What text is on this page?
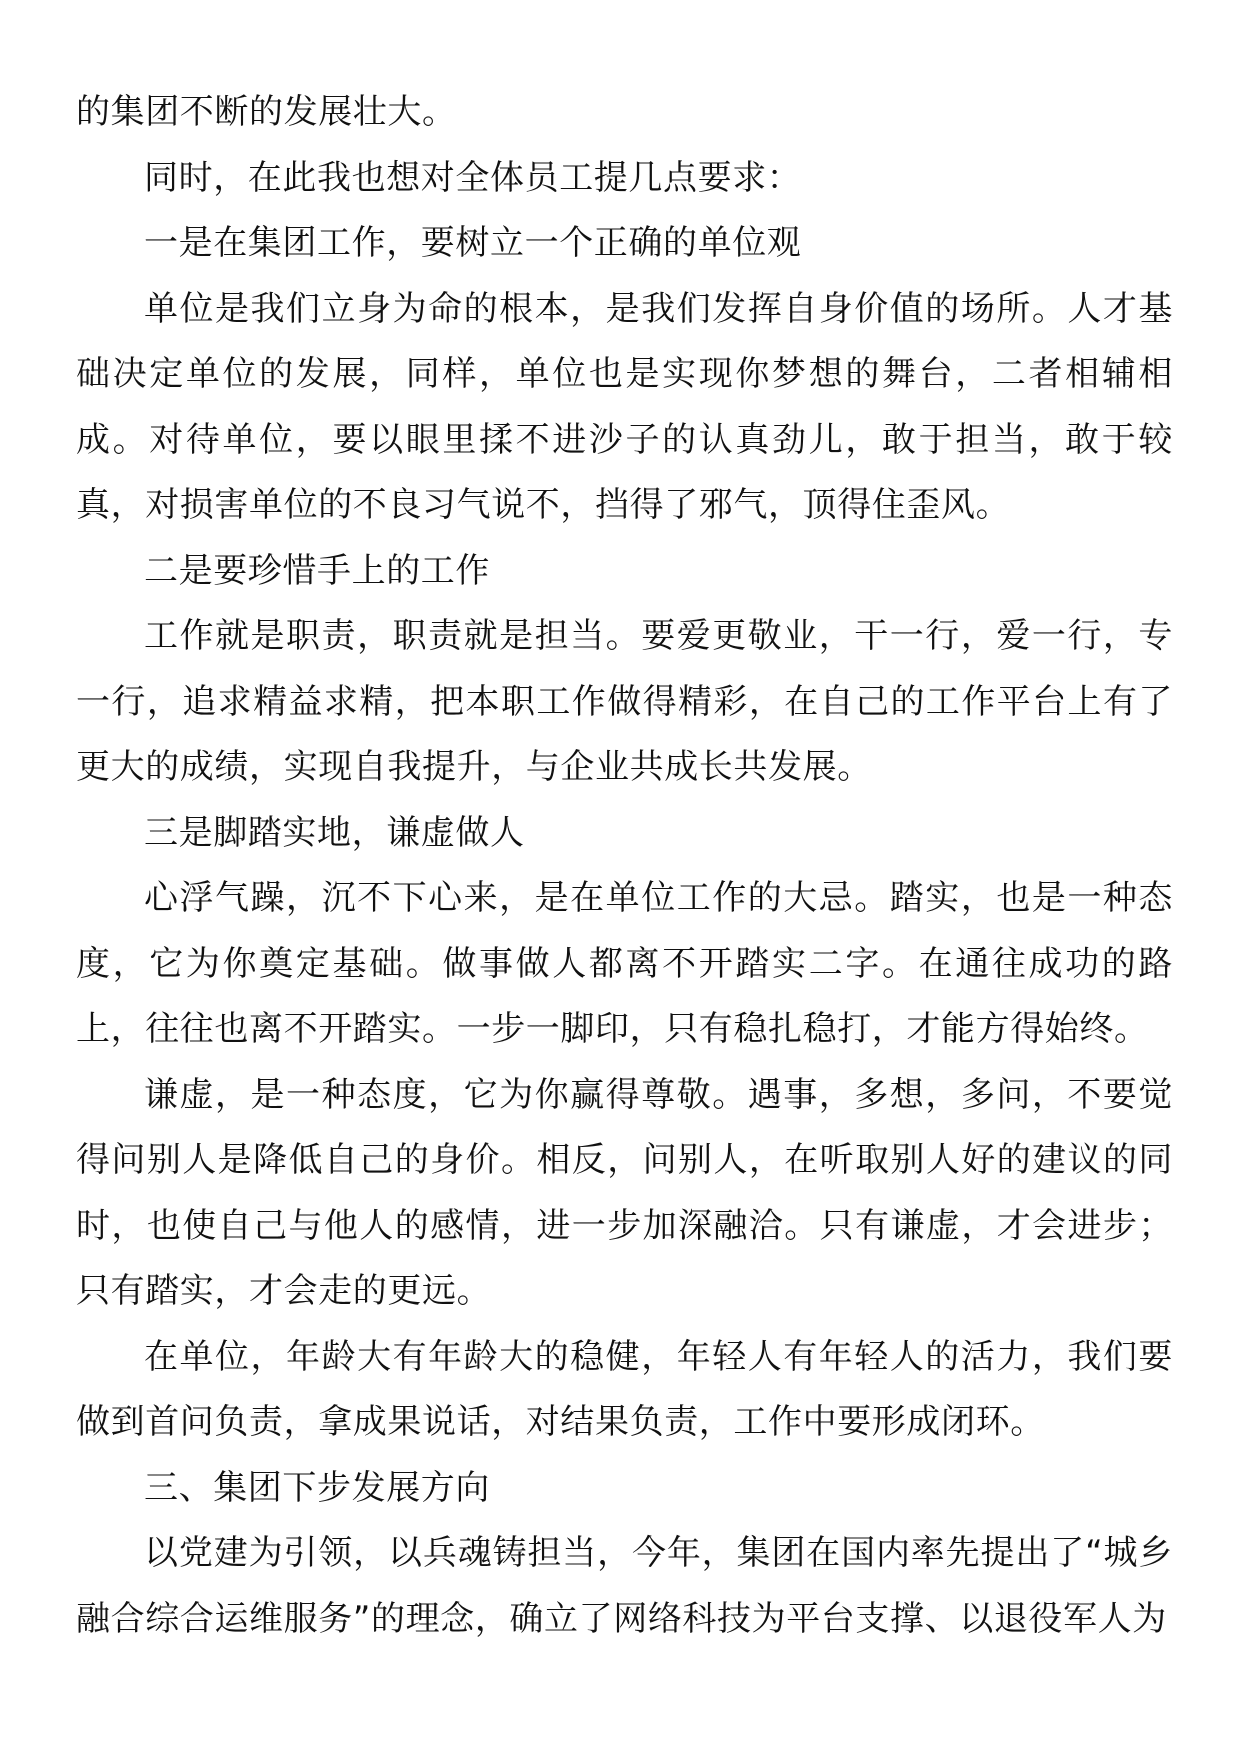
的集团不断的发展壮大。

同时，在此我也想对全体员工提几点要求：

一是在集团工作，要树立一个正确的单位观

单位是我们立身为命的根本，是我们发挥自身价值的场所。人才基础决定单位的发展，同样，单位也是实现你梦想的舞台，二者相辅相成。对待单位，要以眼里揉不进沙子的认真劲儿，敢于担当，敢于较真，对损害单位的不良习气说不，挡得了邪气，顶得住歪风。

二是要珍惜手上的工作

工作就是职责，职责就是担当。要爱更敬业，干一行，爱一行，专一行，追求精益求精，把本职工作做得精彩，在自己的工作平台上有了更大的成绩，实现自我提升，与企业共成长共发展。

三是脚踏实地，谦虚做人

心浮气躁，沉不下心来，是在单位工作的大忌。踏实，也是一种态度，它为你奠定基础。做事做人都离不开踏实二字。在通往成功的路上，往往也离不开踏实。一步一脚印，只有稳扎稳打，才能方得始终。

谦虚，是一种态度，它为你赢得尊敬。遇事，多想，多问，不要觉得问别人是降低自己的身价。相反，问别人，在听取别人好的建议的同时，也使自己与他人的感情，进一步加深融洽。只有谦虚，才会进步；只有踏实，才会走的更远。

在单位，年龄大有年龄大的稳健，年轻人有年轻人的活力，我们要做到首问负责，拿成果说话，对结果负责，工作中要形成闭环。

三、集团下步发展方向

以党建为引领，以兵魂铸担当，今年，集团在国内率先提出了“城乡融合综合运维服务”的理念，确立了网络科技为平台支撑、以退役军人为
